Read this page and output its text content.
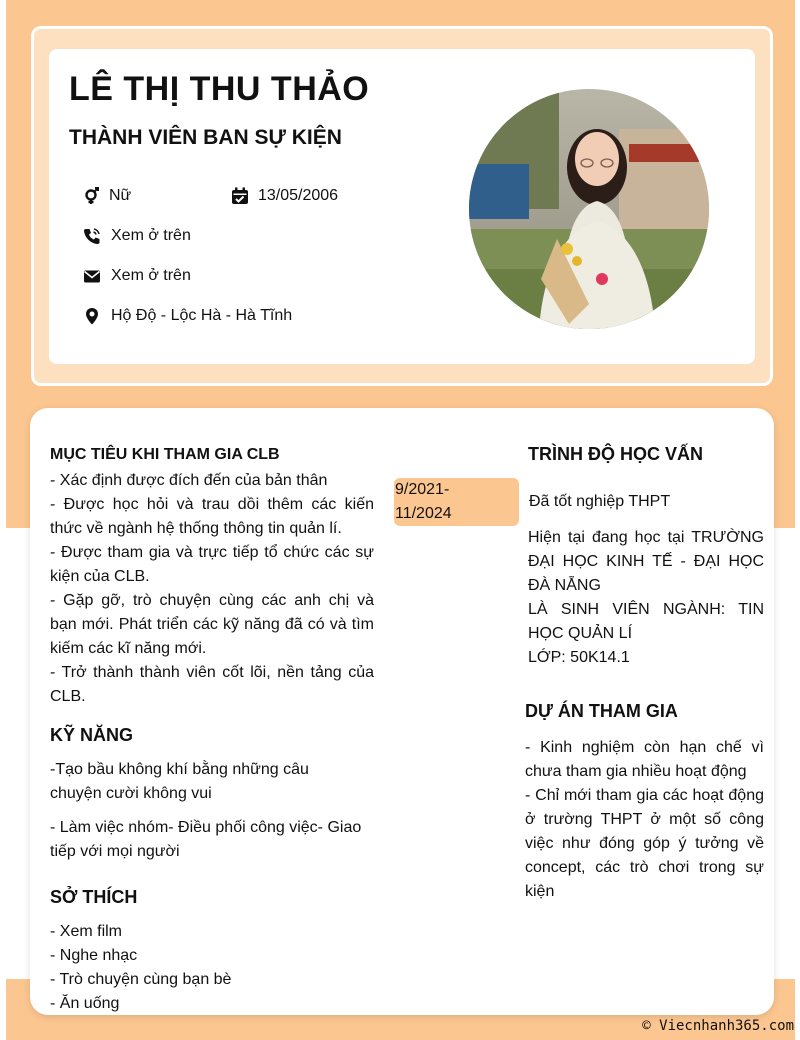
LÊ THỊ THU THẢO
THÀNH VIÊN BAN SỰ KIỆN
Nữ	13/05/2006
Xem ở trên
Xem ở trên
Hộ Độ - Lộc Hà - Hà Tĩnh
MỤC TIÊU KHI THAM GIA CLB
- Xác định được đích đến của bản thân
- Được học hỏi và trau dồi thêm các kiến thức về ngành hệ thống thông tin quản lí.
- Được tham gia và trực tiếp tổ chức các sự kiện của CLB.
- Gặp gỡ, trò chuyện cùng các anh chị và bạn mới. Phát triển các kỹ năng đã có và tìm kiếm các kĩ năng mới.
- Trở thành thành viên cốt lõi, nền tảng của CLB.
KỸ NĂNG
-Tạo bầu không khí bằng những câu chuyện cười không vui
- Làm việc nhóm- Điều phối công việc- Giao tiếp với mọi người
SỞ THÍCH
- Xem film
- Nghe nhạc
- Trò chuyện cùng bạn bè
- Ăn uống
9/2021-
11/2024
TRÌNH ĐỘ HỌC VẤN
Đã tốt nghiệp THPT
Hiện tại đang học tại TRƯỜNG ĐẠI HỌC KINH TẾ - ĐẠI HỌC ĐÀ NẴNG
LÀ SINH VIÊN NGÀNH: TIN HỌC QUẢN LÍ
LỚP: 50K14.1
DỰ ÁN THAM GIA
- Kinh nghiệm còn hạn chế vì chưa tham gia nhiều hoạt động
- Chỉ mới tham gia các hoạt động ở trường THPT ở một số công việc như đóng góp ý tưởng về concept, các trò chơi trong sự kiện
© Viecnhanh365.com
